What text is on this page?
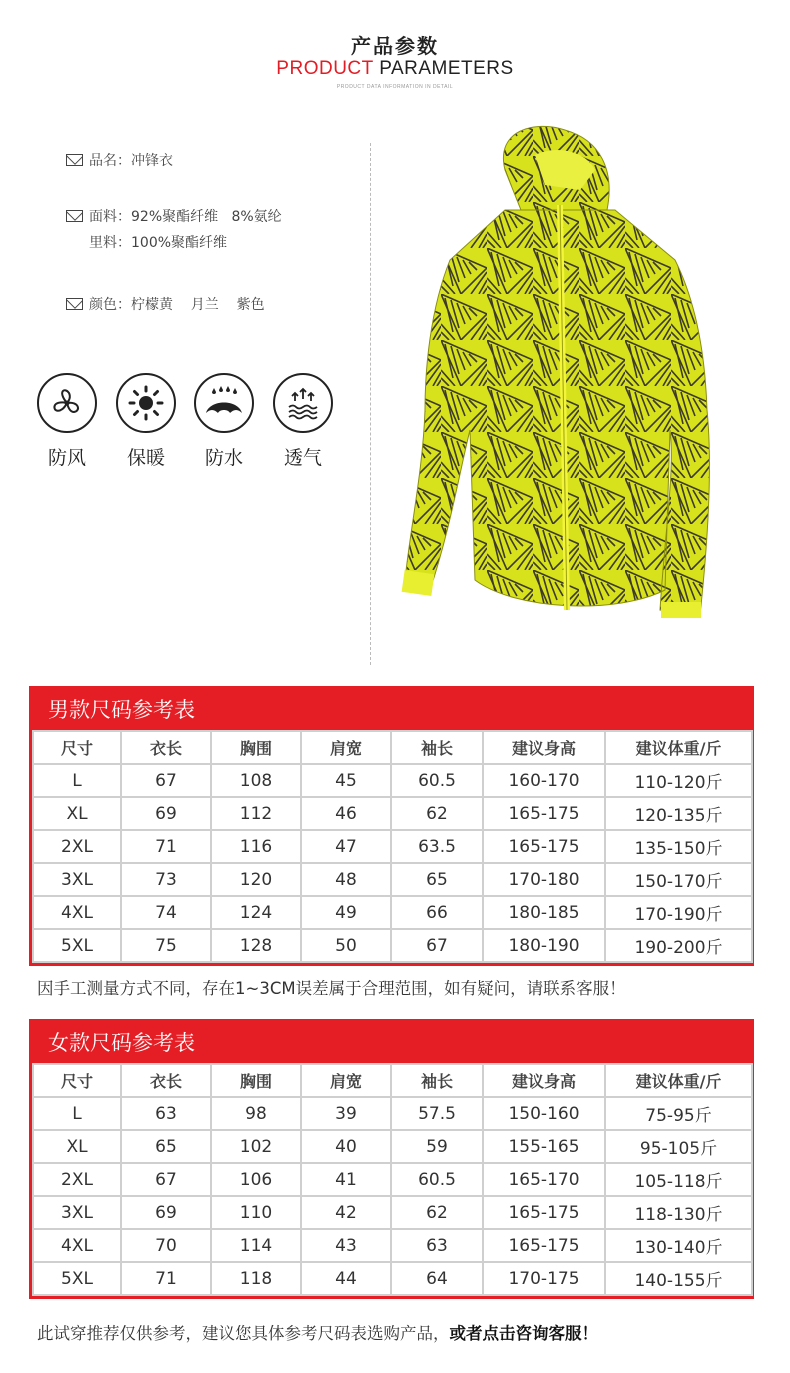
产品参数
PRODUCT PARAMETERS
PRODUCT DATA INFORMATION IN DETAIL
品名：冲锋衣
面料：92%聚酯纤维   8%氨纶
里料：100%聚酯纤维
颜色：柠檬黄    月兰    紫色
防风	保暖	防水	透气
男款尺码参考表
尺寸	衣长	胸围	肩宽	袖长	建议身高	建议体重/斤
L	67	108	45	60.5	160-170	110-120斤
XL	69	112	46	62	165-175	120-135斤
2XL	71	116	47	63.5	165-175	135-150斤
3XL	73	120	48	65	170-180	150-170斤
4XL	74	124	49	66	180-185	170-190斤
5XL	75	128	50	67	180-190	190-200斤
因手工测量方式不同，存在1~3CM误差属于合理范围，如有疑问，请联系客服！
女款尺码参考表
尺寸	衣长	胸围	肩宽	袖长	建议身高	建议体重/斤
L	63	98	39	57.5	150-160	75-95斤
XL	65	102	40	59	155-165	95-105斤
2XL	67	106	41	60.5	165-170	105-118斤
3XL	69	110	42	62	165-175	118-130斤
4XL	70	114	43	63	165-175	130-140斤
5XL	71	118	44	64	170-175	140-155斤
此试穿推荐仅供参考，建议您具体参考尺码表选购产品，或者点击咨询客服！
